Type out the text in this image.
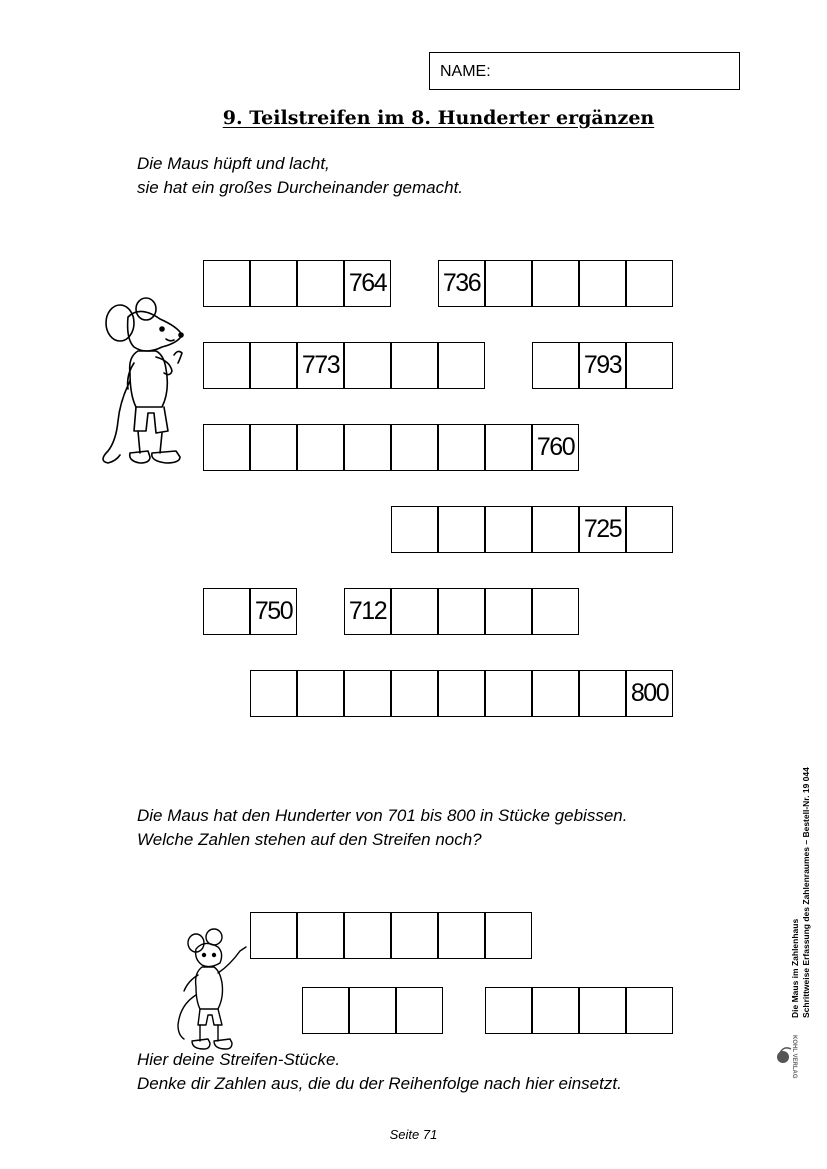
NAME:
9. Teilstreifen im 8. Hunderter ergänzen
Die Maus hüpft und lacht,
sie hat ein großes Durcheinander gemacht.
764 736
773	793
760
725
750 712
800
Die Maus hat den Hunderter von 701 bis 800 in Stücke gebissen.
Welche Zahlen stehen auf den Streifen noch?
Hier deine Streifen-Stücke.
Denke dir Zahlen aus, die du der Reihenfolge nach hier einsetzt.
Seite 71
Die Maus im Zahlenhaus Schrittweise Erfassung des Zahlenraumes – Bestell-Nr. 19 044
KOHL VERLAG
